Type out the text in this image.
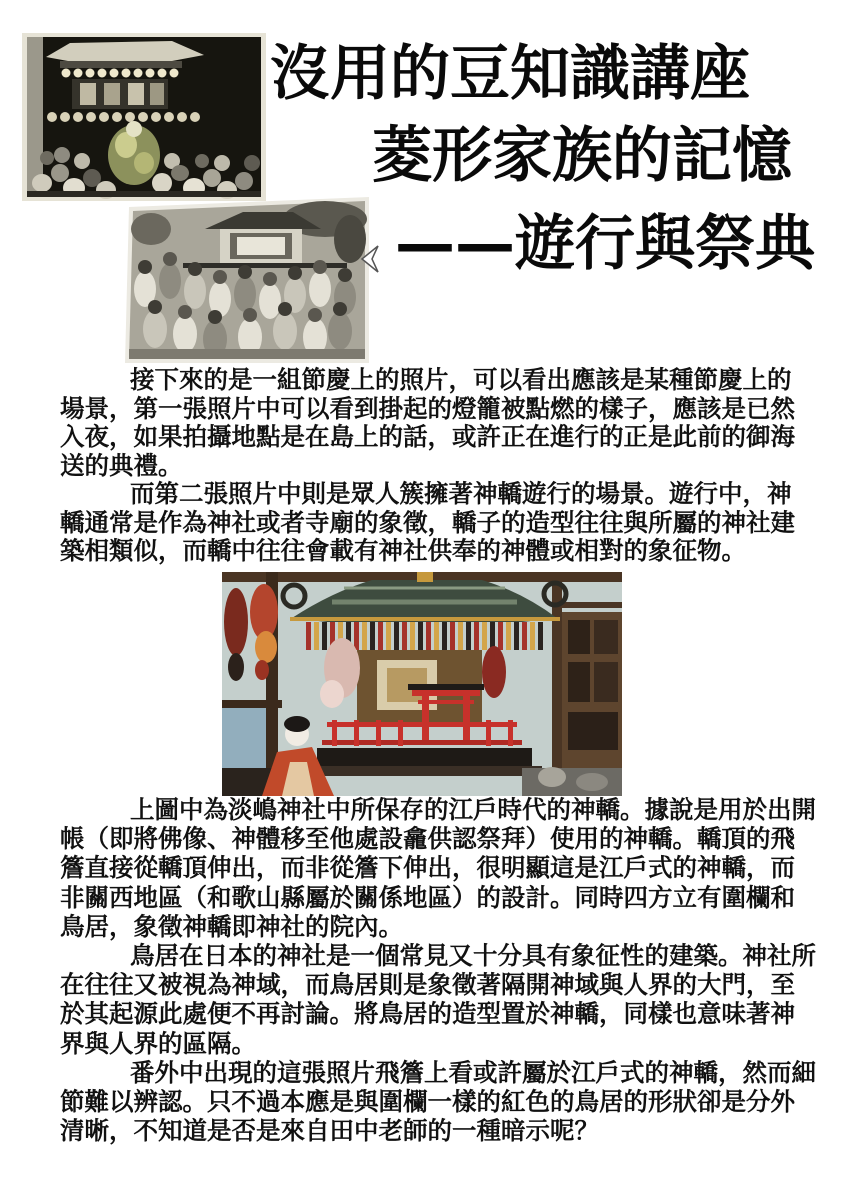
沒用的豆知識講座
菱形家族的記憶
——遊行與祭典
接下來的是一組節慶上的照片，可以看出應該是某種節慶上的
場景，第一張照片中可以看到掛起的燈籠被點燃的樣子，應該是已然
入夜，如果拍攝地點是在島上的話，或許正在進行的正是此前的御海
送的典禮。
而第二張照片中則是眾人簇擁著神轎遊行的場景。遊行中，神
轎通常是作為神社或者寺廟的象徵，轎子的造型往往與所屬的神社建
築相類似，而轎中往往會載有神社供奉的神體或相對的象征物。
上圖中為淡嶋神社中所保存的江戶時代的神轎。據說是用於出開
帳（即將佛像、神體移至他處設龕供認祭拜）使用的神轎。轎頂的飛
簷直接從轎頂伸出，而非從簷下伸出，很明顯這是江戶式的神轎，而
非關西地區（和歌山縣屬於關係地區）的設計。同時四方立有圍欄和
鳥居，象徵神轎即神社的院內。
鳥居在日本的神社是一個常見又十分具有象征性的建築。神社所
在往往又被視為神域，而鳥居則是象徵著隔開神域與人界的大門，至
於其起源此處便不再討論。將鳥居的造型置於神轎，同樣也意味著神
界與人界的區隔。
番外中出現的這張照片飛簷上看或許屬於江戶式的神轎，然而細
節難以辨認。只不過本應是與圍欄一樣的紅色的鳥居的形狀卻是分外
清晰，不知道是否是來自田中老師的一種暗示呢？
